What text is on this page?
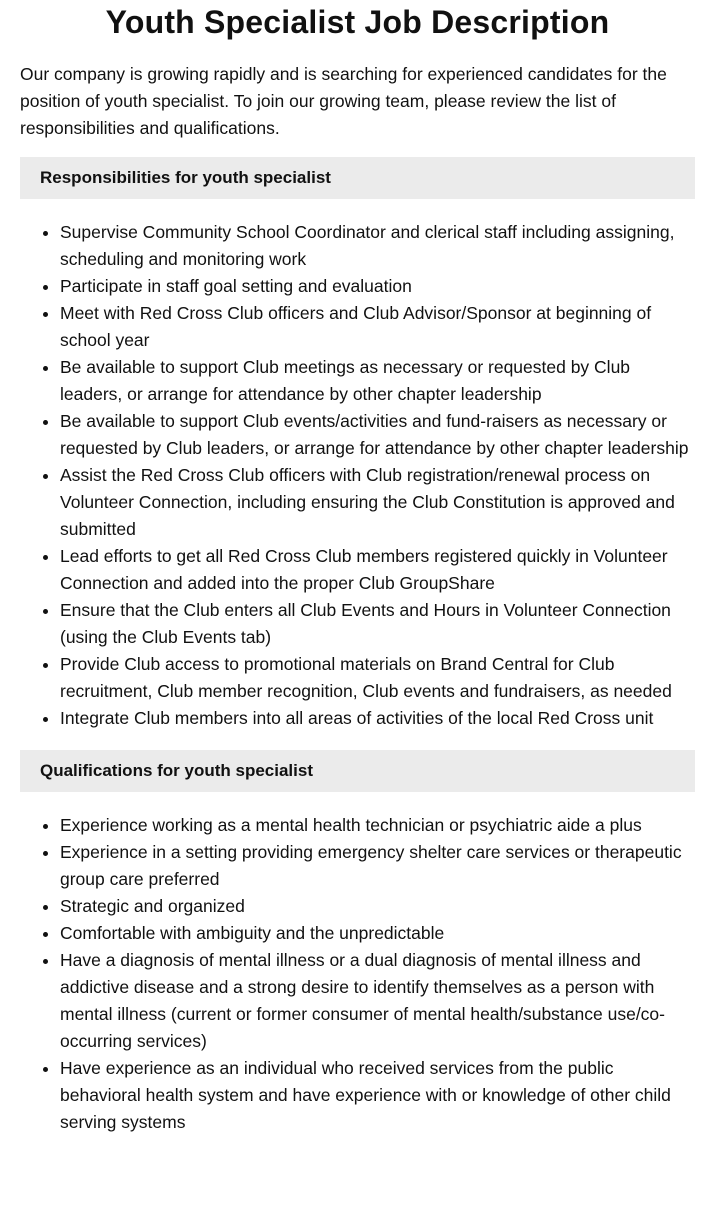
Youth Specialist Job Description

Our company is growing rapidly and is searching for experienced candidates for the position of youth specialist. To join our growing team, please review the list of responsibilities and qualifications.

Responsibilities for youth specialist
• Supervise Community School Coordinator and clerical staff including assigning, scheduling and monitoring work
• Participate in staff goal setting and evaluation
• Meet with Red Cross Club officers and Club Advisor/Sponsor at beginning of school year
• Be available to support Club meetings as necessary or requested by Club leaders, or arrange for attendance by other chapter leadership
• Be available to support Club events/activities and fund-raisers as necessary or requested by Club leaders, or arrange for attendance by other chapter leadership
• Assist the Red Cross Club officers with Club registration/renewal process on Volunteer Connection, including ensuring the Club Constitution is approved and submitted
• Lead efforts to get all Red Cross Club members registered quickly in Volunteer Connection and added into the proper Club GroupShare
• Ensure that the Club enters all Club Events and Hours in Volunteer Connection (using the Club Events tab)
• Provide Club access to promotional materials on Brand Central for Club recruitment, Club member recognition, Club events and fundraisers, as needed
• Integrate Club members into all areas of activities of the local Red Cross unit
Qualifications for youth specialist
• Experience working as a mental health technician or psychiatric aide a plus
• Experience in a setting providing emergency shelter care services or therapeutic group care preferred
• Strategic and organized
• Comfortable with ambiguity and the unpredictable
• Have a diagnosis of mental illness or a dual diagnosis of mental illness and addictive disease and a strong desire to identify themselves as a person with mental illness (current or former consumer of mental health/substance use/co-occurring services)
• Have experience as an individual who received services from the public behavioral health system and have experience with or knowledge of other child serving systems
